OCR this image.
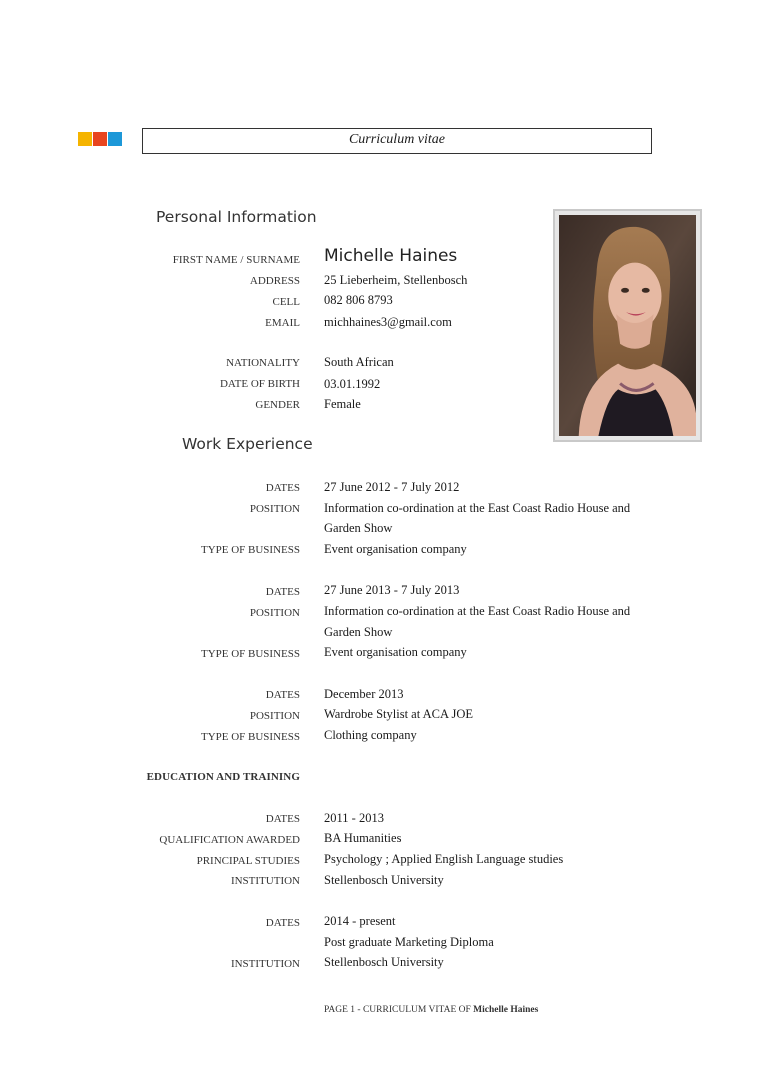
Curriculum vitae
Personal Information
FIRST NAME / SURNAME Michelle Haines
ADDRESS 25 Lieberheim, Stellenbosch
CELL 082 806 8793
EMAIL michhaines3@gmail.com
NATIONALITY South African
DATE OF BIRTH 03.01.1992
GENDER Female
Work Experience
DATES 27 June 2012 - 7 July 2012
POSITION Information co-ordination at the East Coast Radio House and
Garden Show
TYPE OF BUSINESS Event organisation company
DATES 27 June 2013 - 7 July 2013
POSITION Information co-ordination at the East Coast Radio House and
Garden Show
TYPE OF BUSINESS Event organisation company
DATES December 2013
POSITION Wardrobe Stylist at ACA JOE
TYPE OF BUSINESS Clothing company
EDUCATION AND TRAINING
DATES 2011 - 2013
QUALIFICATION AWARDED BA Humanities
PRINCIPAL STUDIES Psychology ; Applied English Language studies
INSTITUTION Stellenbosch University
DATES 2014 - present
Post graduate Marketing Diploma
INSTITUTION Stellenbosch University
PAGE 1 - CURRICULUM VITAE OF Michelle Haines
